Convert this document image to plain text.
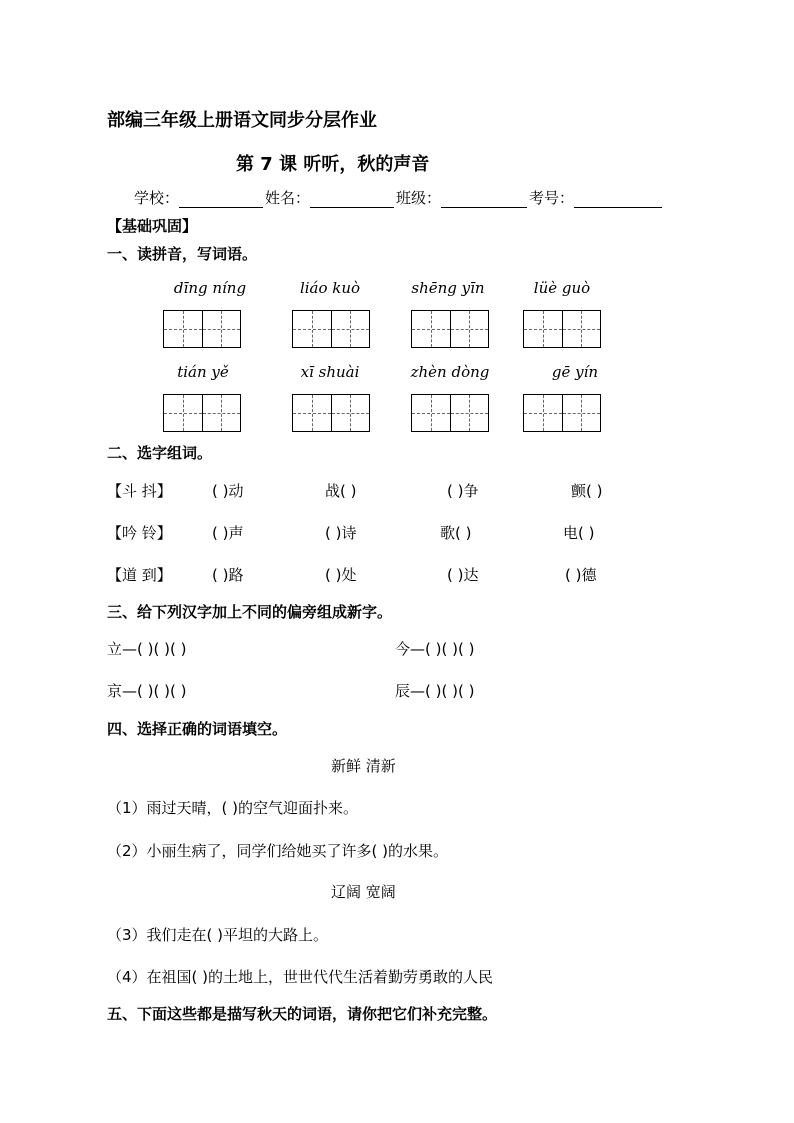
部编三年级上册语文同步分层作业
第 7 课 听听，秋的声音
学校：	姓名：	班级：	考号：
【基础巩固】
一、读拼音，写词语。
dīng níng	liáo kuò	shēng yīn	lüè guò
tián yě	xī shuài	zhèn dòng	gē yín
二、选字组词。
【斗 抖】	( )动	战( )	( )争	颤( )
【吟 铃】	( )声	( )诗	歌( )	电( )
【道 到】	( )路	( )处	( )达	( )德
三、给下列汉字加上不同的偏旁组成新字。
立—( )( )( )	今—( )( )( )
京—( )( )( )	辰—( )( )( )
四、选择正确的词语填空。
新鲜 清新
（1）雨过天晴，( )的空气迎面扑来。
（2）小丽生病了，同学们给她买了许多( )的水果。
辽阔 宽阔
（3）我们走在( )平坦的大路上。
（4）在祖国( )的土地上，世世代代生活着勤劳勇敢的人民
五、下面这些都是描写秋天的词语，请你把它们补充完整。
